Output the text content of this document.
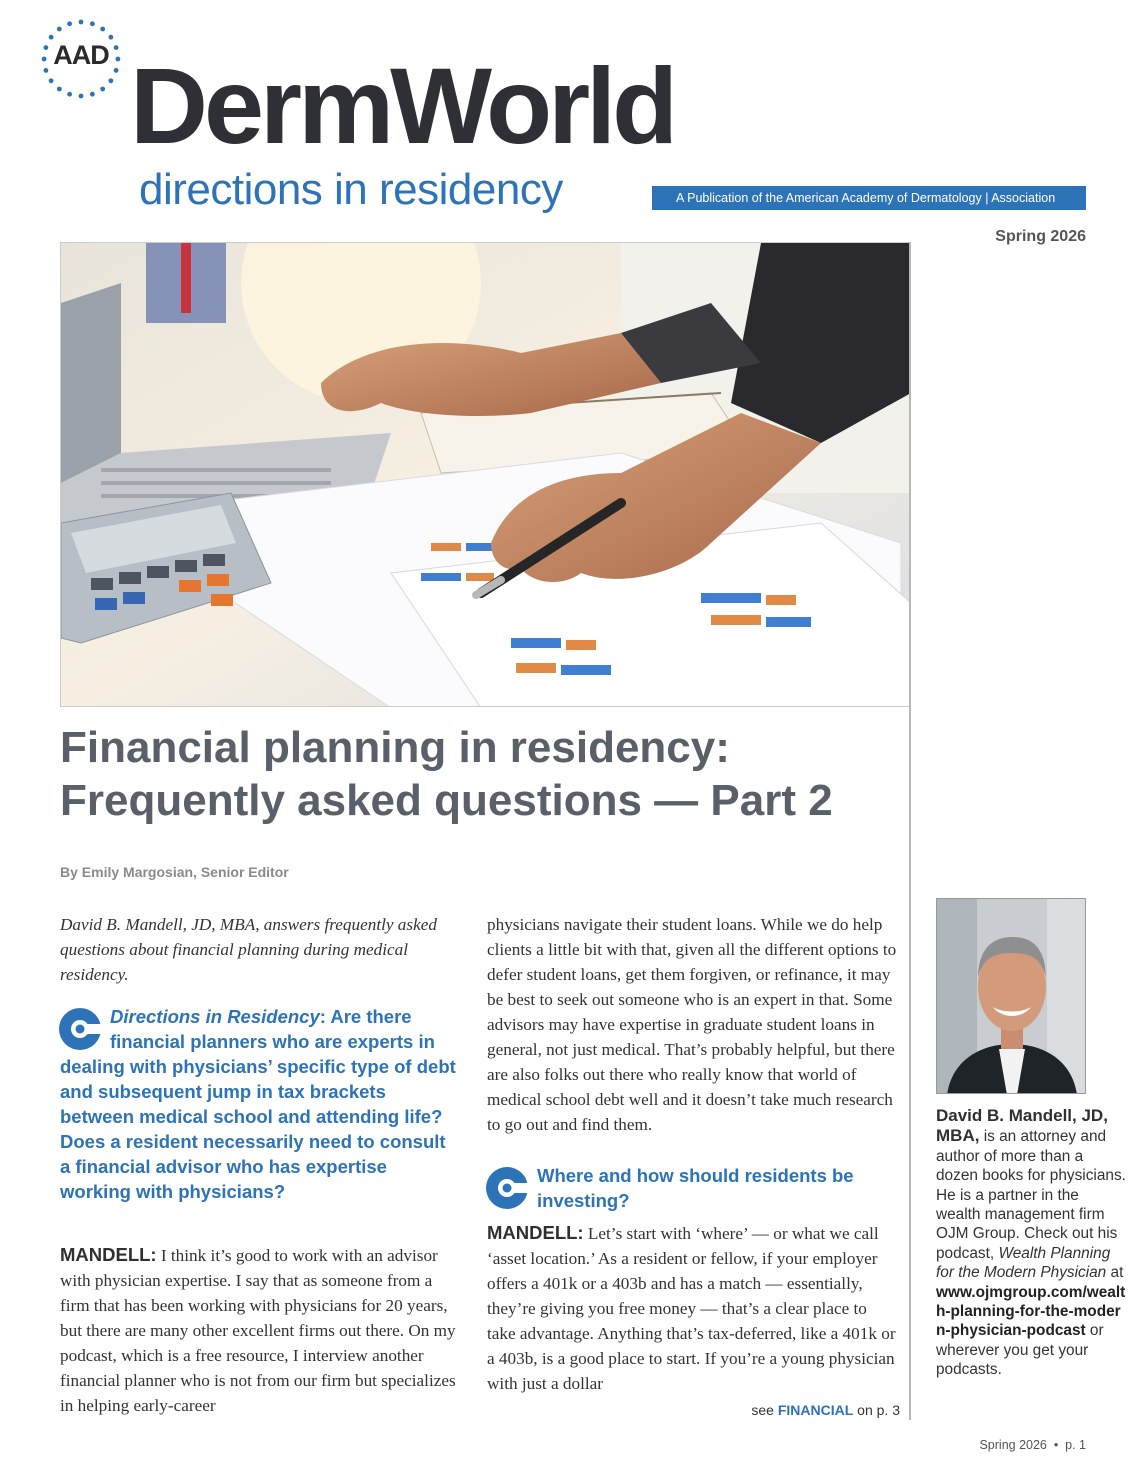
AAD DermWorld
directions in residency	A Publication of the American Academy of Dermatology | Association
Spring 2026
Financial planning in residency:
Frequently asked questions — Part 2
By Emily Margosian, Senior Editor

David B. Mandell, JD, MBA, answers frequently asked questions about financial planning during medical residency.

Directions in Residency: Are there financial planners who are experts in dealing with physicians’ specific type of debt and subsequent jump in tax brackets between medical school and attending life? Does a resident necessarily need to consult a financial advisor who has expertise working with physicians?

MANDELL: I think it’s good to work with an advisor with physician expertise. I say that as someone from a firm that has been working with physicians for 20 years, but there are many other excellent firms out there. On my podcast, which is a free resource, I interview another financial planner who is not from our firm but specializes in helping early-career

physicians navigate their student loans. While we do help clients a little bit with that, given all the different options to defer student loans, get them forgiven, or refinance, it may be best to seek out someone who is an expert in that. Some advisors may have expertise in graduate student loans in general, not just medical. That’s probably helpful, but there are also folks out there who really know that world of medical school debt well and it doesn’t take much research to go out and find them.

Where and how should residents be investing?

MANDELL: Let’s start with ‘where’ — or what we call ‘asset location.’ As a resident or fellow, if your employer offers a 401k or a 403b and has a match — essentially, they’re giving you free money — that’s a clear place to take advantage. Anything that’s tax-deferred, like a 401k or a 403b, is a good place to start. If you’re a young physician with just a dollar

see FINANCIAL on p. 3
David B. Mandell, JD, MBA, is an attorney and author of more than a dozen books for physicians. He is a partner in the wealth management firm OJM Group. Check out his podcast, Wealth Planning for the Modern Physician at www.ojmgroup.com/wealth-planning-for-the-modern-physician-podcast or wherever you get your podcasts.
Spring 2026  •  p. 1
